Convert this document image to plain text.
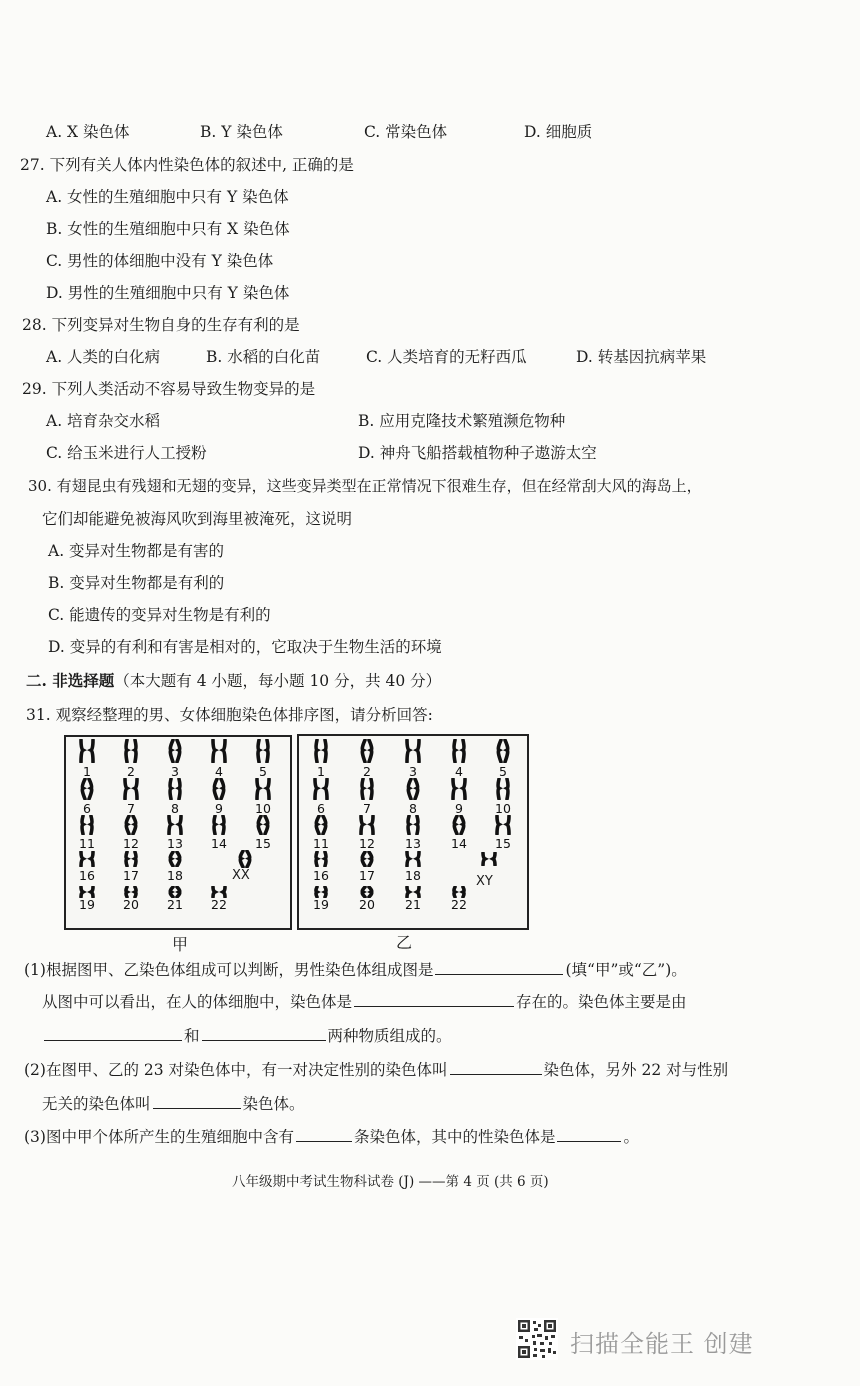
A. X 染色体	B. Y 染色体	C. 常染色体	D. 细胞质
27. 下列有关人体内性染色体的叙述中, 正确的是
A. 女性的生殖细胞中只有 Y 染色体
B. 女性的生殖细胞中只有 X 染色体
C. 男性的体细胞中没有 Y 染色体
D. 男性的生殖细胞中只有 Y 染色体
28. 下列变异对生物自身的生存有利的是
A. 人类的白化病	B. 水稻的白化苗	C. 人类培育的无籽西瓜	D. 转基因抗病苹果
29. 下列人类活动不容易导致生物变异的是
A. 培育杂交水稻	B. 应用克隆技术繁殖濒危物种
C. 给玉米进行人工授粉	D. 神舟飞船搭载植物种子遨游太空
30. 有翅昆虫有残翅和无翅的变异，这些变异类型在正常情况下很难生存，但在经常刮大风的海岛上，
它们却能避免被海风吹到海里被淹死，这说明
A. 变异对生物都是有害的
B. 变异对生物都是有利的
C. 能遗传的变异对生物是有利的
D. 变异的有利和有害是相对的，它取决于生物生活的环境
二. 非选择题（本大题有 4 小题，每小题 10 分，共 40 分）
31. 观察经整理的男、女体细胞染色体排序图，请分析回答:
1	2	3	4	5
6	7	8	9	10
11	12	13	14	15
16	17	18
19	20	21	22
1	2	3	4	5
6	7	8	9	10
11	12	13	14	15
16	17	18
19	20	21	22
XX	XY
甲	乙
(1)根据图甲、乙染色体组成可以判断，男性染色体组成图是	(填“甲”或“乙”)。
从图中可以看出，在人的体细胞中，染色体是	存在的。染色体主要是由
和	两种物质组成的。
(2)在图甲、乙的 23 对染色体中，有一对决定性别的染色体叫	染色体，另外 22 对与性别
无关的染色体叫	染色体。
(3)图中甲个体所产生的生殖细胞中含有	条染色体，其中的性染色体是	。
八年级期中考试生物科试卷 (J) ——第 4 页 (共 6 页)
扫描全能王 创建
